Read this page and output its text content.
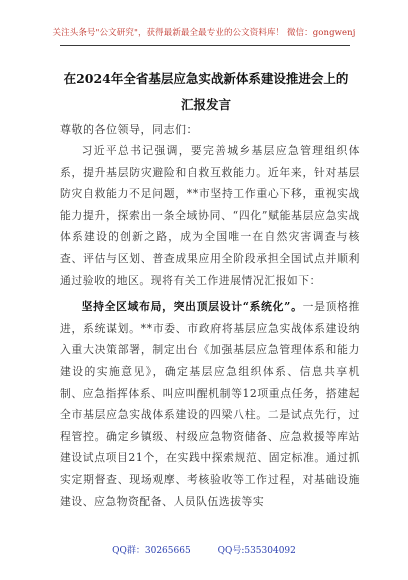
关注头条号"公文研究"，获得最新最全最专业的公文资料库！ 微信：gongwenj
在2024年全省基层应急实战新体系建设推进会上的汇报发言
尊敬的各位领导，同志们：

习近平总书记强调，要完善城乡基层应急管理组织体系，提升基层防灾避险和自救互救能力。近年来，针对基层防灾自救能力不足问题，**市坚持工作重心下移，重视实战能力提升，探索出一条全域协同、“四化”赋能基层应急实战体系建设的创新之路，成为全国唯一在自然灾害调查与核查、评估与区划、普查成果应用全阶段承担全国试点并顺利通过验收的地区。现将有关工作进展情况汇报如下：

坚持全区域布局，突出顶层设计“系统化”。一是顶格推进，系统谋划。**市委、市政府将基层应急实战体系建设纳入重大决策部署，制定出台《加强基层应急管理体系和能力建设的实施意见》，确定基层应急组织体系、信息共享机制、应急指挥体系、叫应叫醒机制等12项重点任务，搭建起全市基层应急实战体系建设的四梁八柱。二是试点先行，过程管控。确定乡镇级、村级应急物资储备、应急救援等库站建设试点项目21个，在实践中探索规范、固定标准。通过抓实定期督查、现场观摩、考核验收等工作过程，对基础设施建设、应急物资配备、人员队伍选拔等实

QQ群：30265665	QQ号:535304092
